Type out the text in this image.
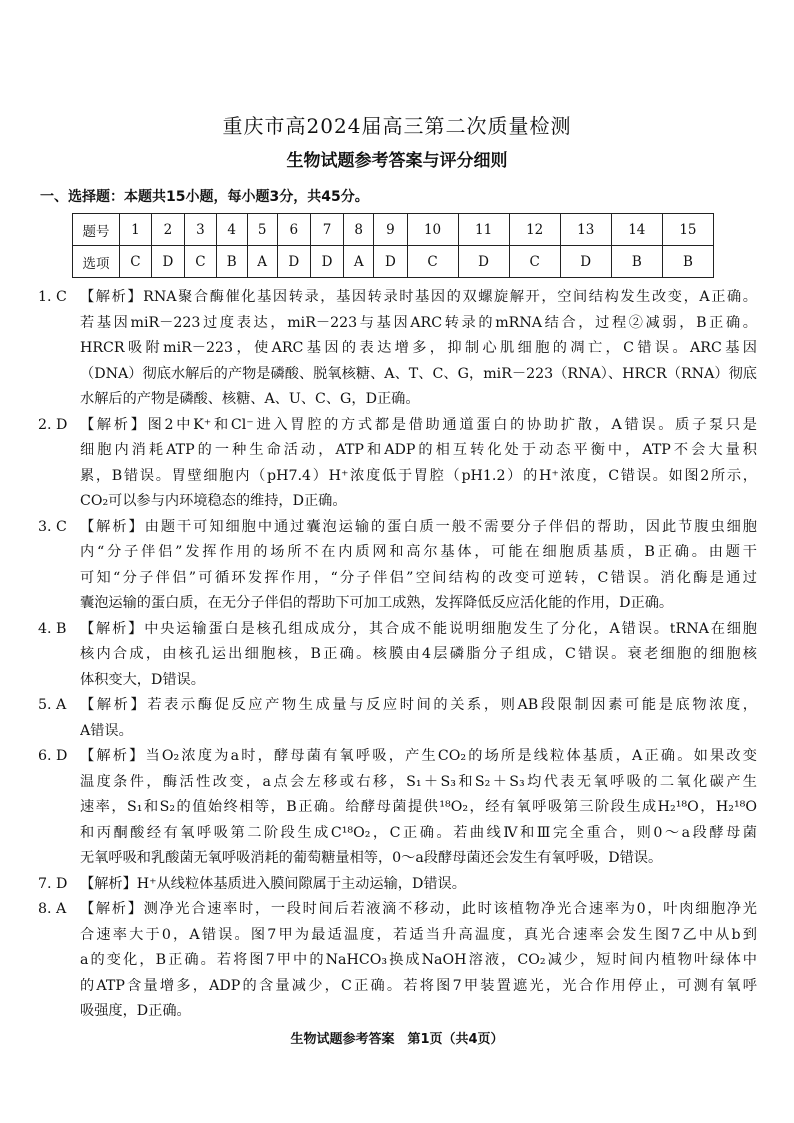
重庆市高2024届高三第二次质量检测
生物试题参考答案与评分细则
一、选择题：本题共15小题，每小题3分，共45分。
题号	1	2	3	4	5	6	7	8	9	10	11	12	13	14	15
选项	C	D	C	B	A	D	D	A	D	C	D	C	D	B	B
1. C 【解析】RNA聚合酶催化基因转录，基因转录时基因的双螺旋解开，空间结构发生改变，A正确。
若基因miR－223过度表达，miR－223与基因ARC转录的mRNA结合，过程②减弱，B正确。
HRCR吸附miR－223，使ARC基因的表达增多，抑制心肌细胞的凋亡，C错误。ARC基因
（DNA）彻底水解后的产物是磷酸、脱氧核糖、A、T、C、G，miR－223（RNA）、HRCR（RNA）彻底
水解后的产物是磷酸、核糖、A、U、C、G，D正确。
2. D 【解析】图2中K⁺和Cl⁻进入胃腔的方式都是借助通道蛋白的协助扩散，A错误。质子泵只是
细胞内消耗ATP的一种生命活动，ATP和ADP的相互转化处于动态平衡中，ATP不会大量积
累，B错误。胃壁细胞内（pH7.4）H⁺浓度低于胃腔（pH1.2）的H⁺浓度，C错误。如图2所示，
CO₂可以参与内环境稳态的维持，D正确。
3. C 【解析】由题干可知细胞中通过囊泡运输的蛋白质一般不需要分子伴侣的帮助，因此节腹虫细胞
内“分子伴侣”发挥作用的场所不在内质网和高尔基体，可能在细胞质基质，B正确。由题干
可知“分子伴侣”可循环发挥作用，“分子伴侣”空间结构的改变可逆转，C错误。消化酶是通过
囊泡运输的蛋白质，在无分子伴侣的帮助下可加工成熟，发挥降低反应活化能的作用，D正确。
4. B 【解析】中央运输蛋白是核孔组成成分，其合成不能说明细胞发生了分化，A错误。tRNA在细胞
核内合成，由核孔运出细胞核，B正确。核膜由4层磷脂分子组成，C错误。衰老细胞的细胞核
体积变大，D错误。
5. A 【解析】若表示酶促反应产物生成量与反应时间的关系，则AB段限制因素可能是底物浓度，
A错误。
6. D 【解析】当O₂浓度为a时，酵母菌有氧呼吸，产生CO₂的场所是线粒体基质，A正确。如果改变
温度条件，酶活性改变，a点会左移或右移，S₁＋S₃和S₂＋S₃均代表无氧呼吸的二氧化碳产生
速率，S₁和S₂的值始终相等，B正确。给酵母菌提供¹⁸O₂，经有氧呼吸第三阶段生成H₂¹⁸O，H₂¹⁸O
和丙酮酸经有氧呼吸第二阶段生成C¹⁸O₂，C正确。若曲线Ⅳ和Ⅲ完全重合，则0～a段酵母菌
无氧呼吸和乳酸菌无氧呼吸消耗的葡萄糖量相等，0～a段酵母菌还会发生有氧呼吸，D错误。
7. D 【解析】H⁺从线粒体基质进入膜间隙属于主动运输，D错误。
8. A 【解析】测净光合速率时，一段时间后若液滴不移动，此时该植物净光合速率为0，叶肉细胞净光
合速率大于0，A错误。图7甲为最适温度，若适当升高温度，真光合速率会发生图7乙中从b到
a的变化，B正确。若将图7甲中的NaHCO₃换成NaOH溶液，CO₂减少，短时间内植物叶绿体中
的ATP含量增多，ADP的含量减少，C正确。若将图7甲装置遮光，光合作用停止，可测有氧呼
吸强度，D正确。
生物试题参考答案　第1页（共4页）
